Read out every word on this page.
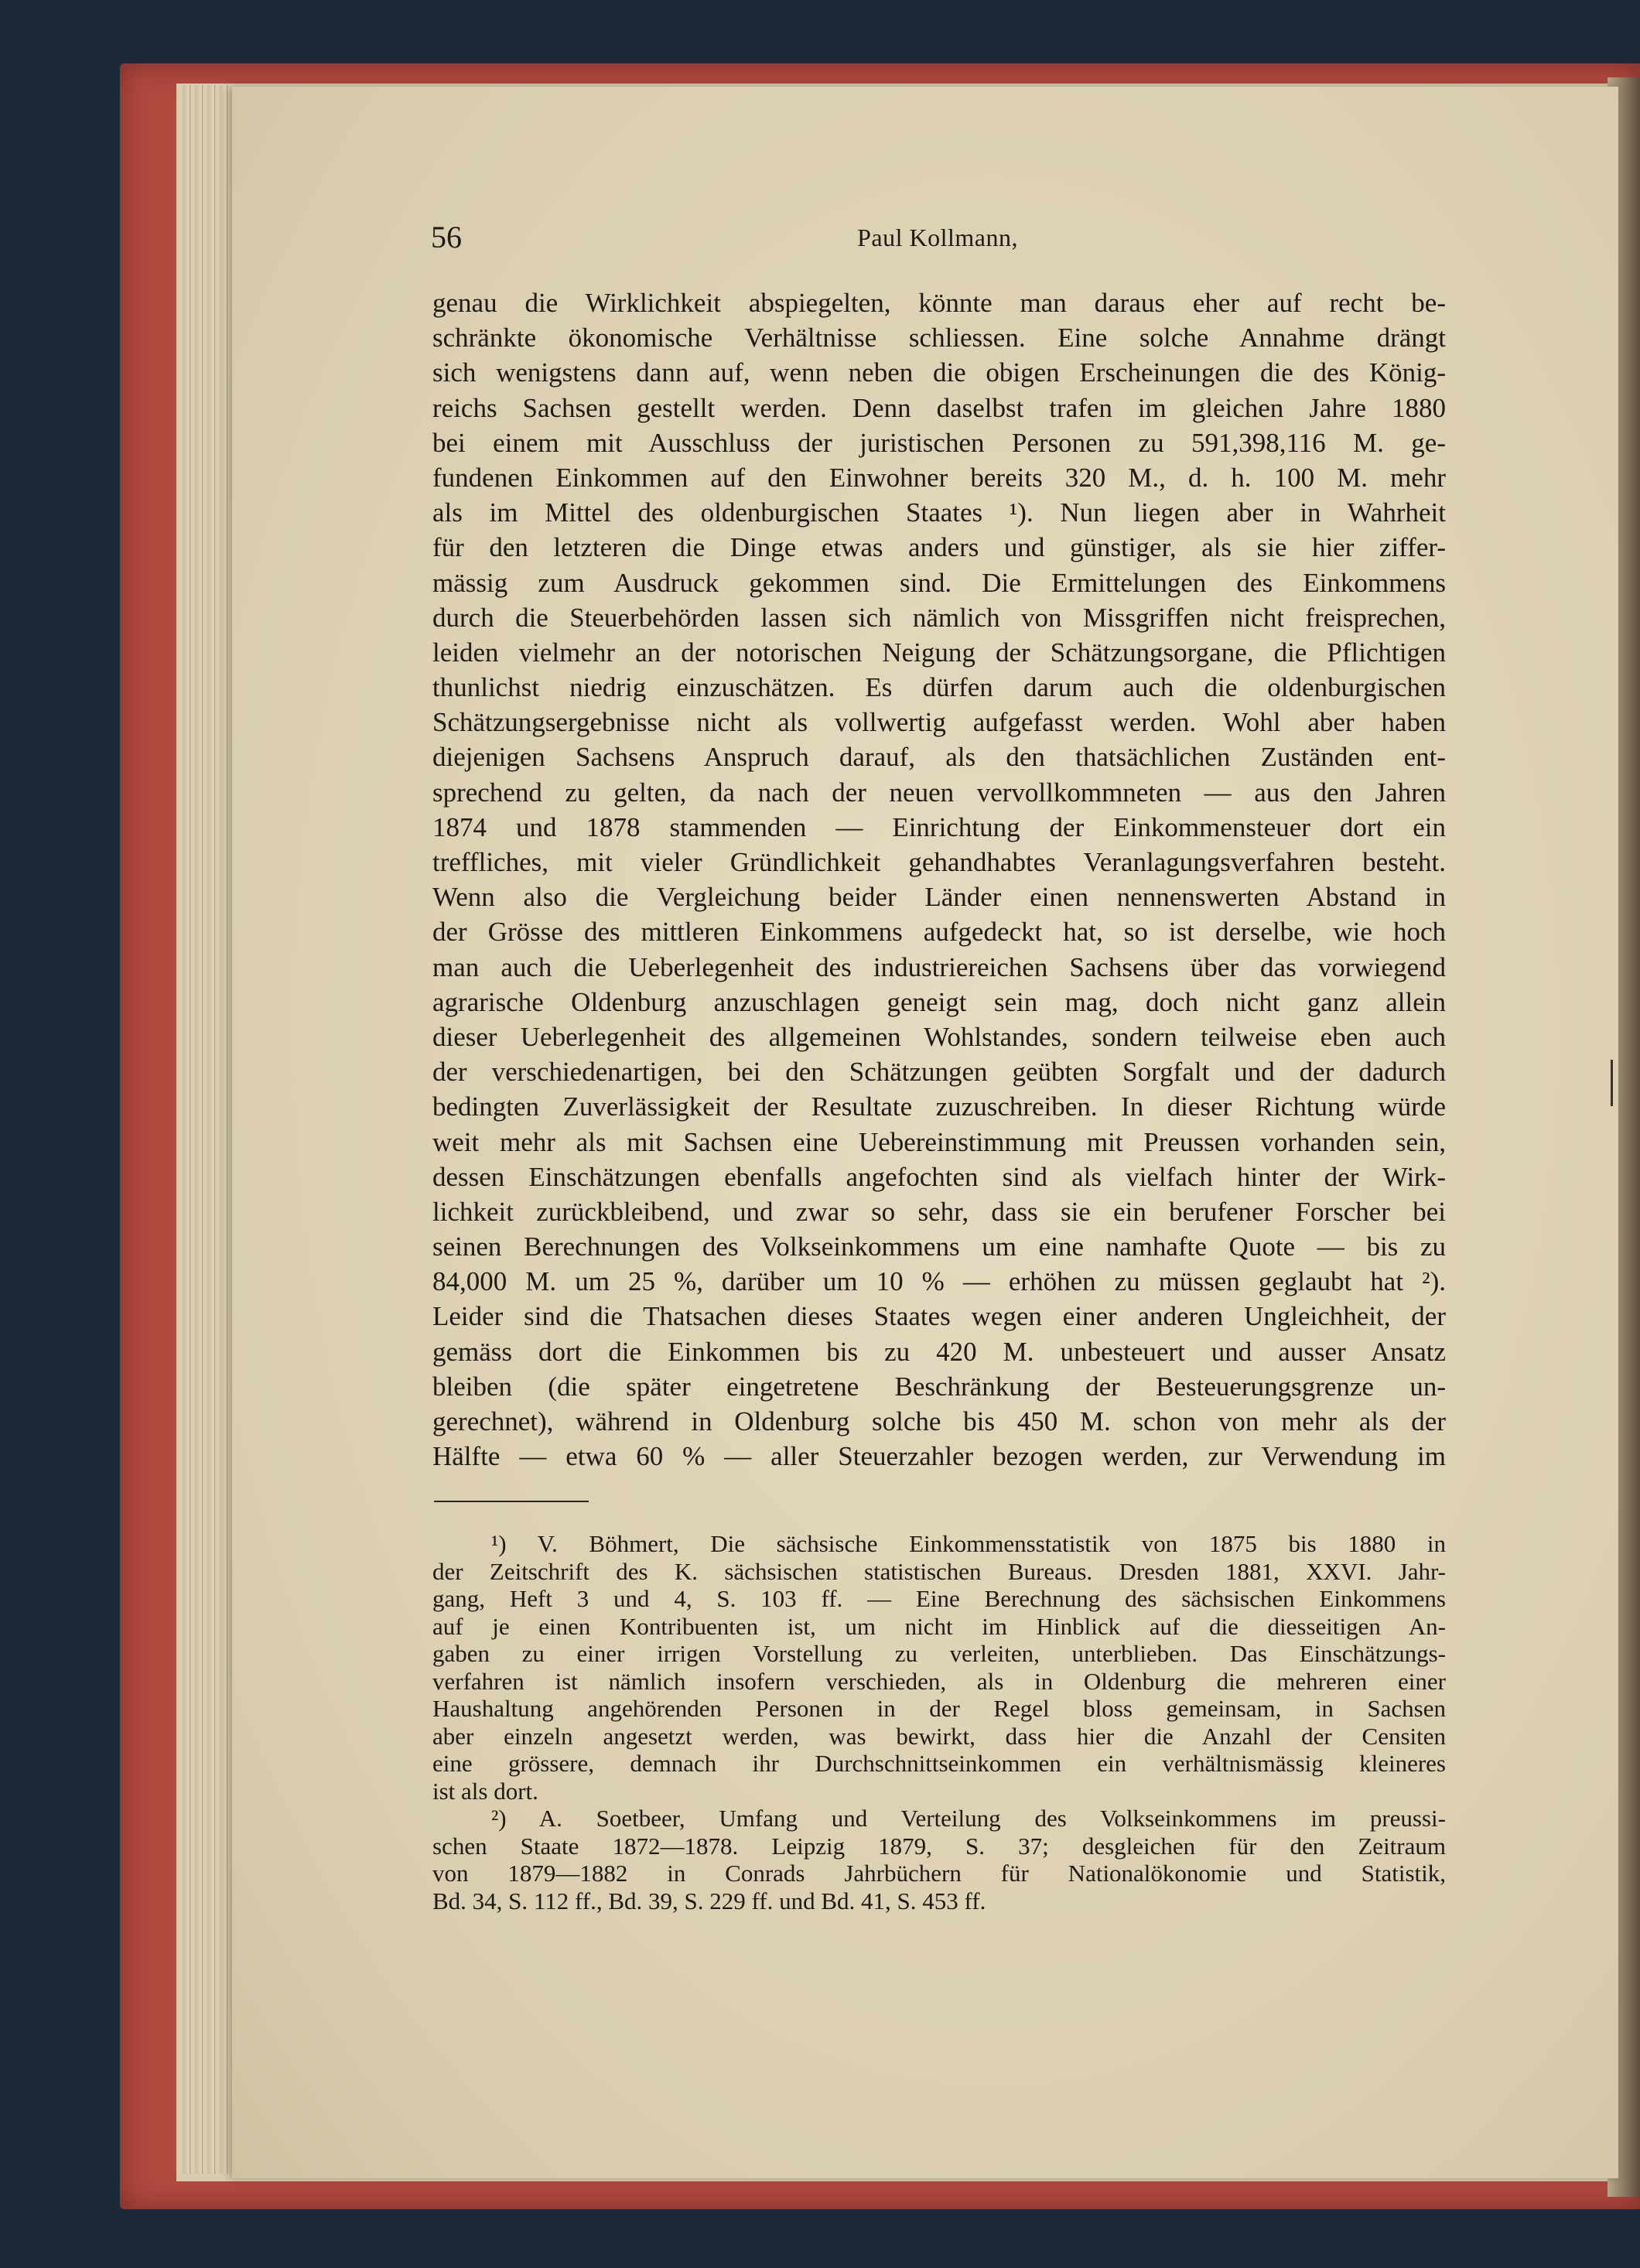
56	Paul Kollmann,
genau die Wirklichkeit abspiegelten, könnte man daraus eher auf recht be-
schränkte ökonomische Verhältnisse schliessen. Eine solche Annahme drängt
sich wenigstens dann auf, wenn neben die obigen Erscheinungen die des König-
reichs Sachsen gestellt werden. Denn daselbst trafen im gleichen Jahre 1880
bei einem mit Ausschluss der juristischen Personen zu 591,398,116 M. ge-
fundenen Einkommen auf den Einwohner bereits 320 M., d. h. 100 M. mehr
als im Mittel des oldenburgischen Staates ¹). Nun liegen aber in Wahrheit
für den letzteren die Dinge etwas anders und günstiger, als sie hier ziffer-
mässig zum Ausdruck gekommen sind. Die Ermittelungen des Einkommens
durch die Steuerbehörden lassen sich nämlich von Missgriffen nicht freisprechen,
leiden vielmehr an der notorischen Neigung der Schätzungsorgane, die Pflichtigen
thunlichst niedrig einzuschätzen. Es dürfen darum auch die oldenburgischen
Schätzungsergebnisse nicht als vollwertig aufgefasst werden. Wohl aber haben
diejenigen Sachsens Anspruch darauf, als den thatsächlichen Zuständen ent-
sprechend zu gelten, da nach der neuen vervollkommneten — aus den Jahren
1874 und 1878 stammenden — Einrichtung der Einkommensteuer dort ein
treffliches, mit vieler Gründlichkeit gehandhabtes Veranlagungsverfahren besteht.
Wenn also die Vergleichung beider Länder einen nennenswerten Abstand in
der Grösse des mittleren Einkommens aufgedeckt hat, so ist derselbe, wie hoch
man auch die Ueberlegenheit des industriereichen Sachsens über das vorwiegend
agrarische Oldenburg anzuschlagen geneigt sein mag, doch nicht ganz allein
dieser Ueberlegenheit des allgemeinen Wohlstandes, sondern teilweise eben auch
der verschiedenartigen, bei den Schätzungen geübten Sorgfalt und der dadurch
bedingten Zuverlässigkeit der Resultate zuzuschreiben. In dieser Richtung würde
weit mehr als mit Sachsen eine Uebereinstimmung mit Preussen vorhanden sein,
dessen Einschätzungen ebenfalls angefochten sind als vielfach hinter der Wirk-
lichkeit zurückbleibend, und zwar so sehr, dass sie ein berufener Forscher bei
seinen Berechnungen des Volkseinkommens um eine namhafte Quote — bis zu
84,000 M. um 25 %, darüber um 10 % — erhöhen zu müssen geglaubt hat ²).
Leider sind die Thatsachen dieses Staates wegen einer anderen Ungleichheit, der
gemäss dort die Einkommen bis zu 420 M. unbesteuert und ausser Ansatz
bleiben (die später eingetretene Beschränkung der Besteuerungsgrenze un-
gerechnet), während in Oldenburg solche bis 450 M. schon von mehr als der
Hälfte — etwa 60 % — aller Steuerzahler bezogen werden, zur Verwendung im
¹) V. Böhmert, Die sächsische Einkommensstatistik von 1875 bis 1880 in
der Zeitschrift des K. sächsischen statistischen Bureaus. Dresden 1881, XXVI. Jahr-
gang, Heft 3 und 4, S. 103 ff. — Eine Berechnung des sächsischen Einkommens
auf je einen Kontribuenten ist, um nicht im Hinblick auf die diesseitigen An-
gaben zu einer irrigen Vorstellung zu verleiten, unterblieben. Das Einschätzungs-
verfahren ist nämlich insofern verschieden, als in Oldenburg die mehreren einer
Haushaltung angehörenden Personen in der Regel bloss gemeinsam, in Sachsen
aber einzeln angesetzt werden, was bewirkt, dass hier die Anzahl der Censiten
eine grössere, demnach ihr Durchschnittseinkommen ein verhältnismässig kleineres
ist als dort.
²) A. Soetbeer, Umfang und Verteilung des Volkseinkommens im preussi-
schen Staate 1872—1878. Leipzig 1879, S. 37; desgleichen für den Zeitraum
von 1879—1882 in Conrads Jahrbüchern für Nationalökonomie und Statistik,
Bd. 34, S. 112 ff., Bd. 39, S. 229 ff. und Bd. 41, S. 453 ff.
